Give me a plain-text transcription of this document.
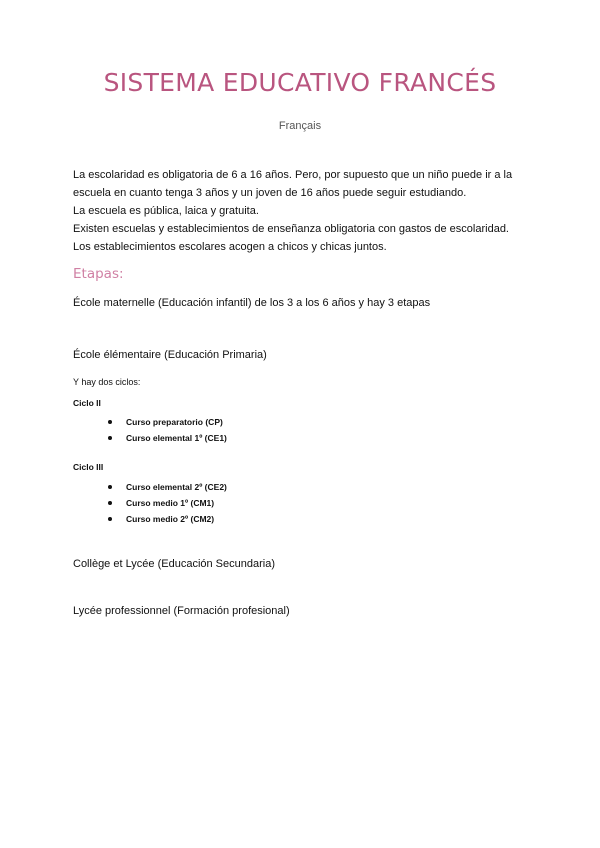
SISTEMA EDUCATIVO FRANCÉS
Français

La escolaridad es obligatoria de 6 a 16 años. Pero, por supuesto que un niño puede ir a la

escuela en cuanto tenga 3 años y un joven de 16 años puede seguir estudiando.

La escuela es pública, laica y gratuita.

Existen escuelas y establecimientos de enseñanza obligatoria con gastos de escolaridad.

Los establecimientos escolares acogen a chicos y chicas juntos.

Etapas:

École maternelle (Educación infantil) de los 3 a los 6 años y hay 3 etapas

École élémentaire (Educación Primaria)

Y hay dos ciclos:

Ciclo II

Curso preparatorio (CP)
Curso elemental 1º (CE1)

Ciclo III

Curso elemental 2º (CE2)
Curso medio 1º (CM1)
Curso medio 2º (CM2)

Collège et Lycée (Educación Secundaria)

Lycée professionnel (Formación profesional)
